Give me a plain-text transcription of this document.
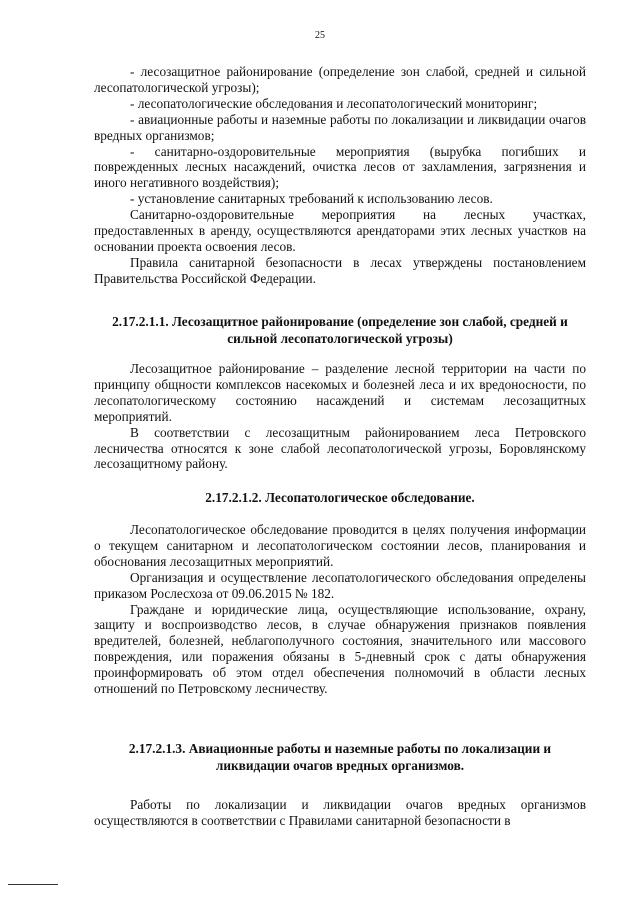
25

- лесозащитное районирование (определение зон слабой, средней и сильной лесопатологической угрозы);

- лесопатологические обследования и лесопатологический мониторинг;

- авиационные работы и наземные работы по локализации и ликвидации очагов вредных организмов;

- санитарно-оздоровительные мероприятия (вырубка погибших и поврежденных лесных насаждений, очистка лесов от захламления, загрязнения и иного негативного воздействия);

- установление санитарных требований к использованию лесов.

Санитарно-оздоровительные мероприятия на лесных участках, предоставленных в аренду, осуществляются арендаторами этих лесных участков на основании проекта освоения лесов.

Правила санитарной безопасности в лесах утверждены постановлением Правительства Российской Федерации.

2.17.2.1.1. Лесозащитное районирование (определение зон слабой, средней и сильной лесопатологической угрозы)

Лесозащитное районирование – разделение лесной территории на части по принципу общности комплексов насекомых и болезней леса и их вредоносности, по лесопатологическому состоянию насаждений и системам лесозащитных мероприятий.

В соответствии с лесозащитным районированием леса Петровского лесничества относятся к зоне слабой лесопатологической угрозы, Боровлянскому лесозащитному району.

2.17.2.1.2. Лесопатологическое обследование.

Лесопатологическое обследование проводится в целях получения информации о текущем санитарном и лесопатологическом состоянии лесов, планирования и обоснования лесозащитных мероприятий.

Организация и осуществление лесопатологического обследования определены приказом Рослесхоза от 09.06.2015 № 182.

Граждане и юридические лица, осуществляющие использование, охрану, защиту и воспроизводство лесов, в случае обнаружения признаков появления вредителей, болезней, неблагополучного состояния, значительного или массового повреждения, или поражения обязаны в 5-дневный срок с даты обнаружения проинформировать об этом отдел обеспечения полномочий в области лесных отношений по Петровскому лесничеству.

2.17.2.1.3. Авиационные работы и наземные работы по локализации и ликвидации очагов вредных организмов.

Работы по локализации и ликвидации очагов вредных организмов осуществляются в соответствии с Правилами санитарной безопасности в
